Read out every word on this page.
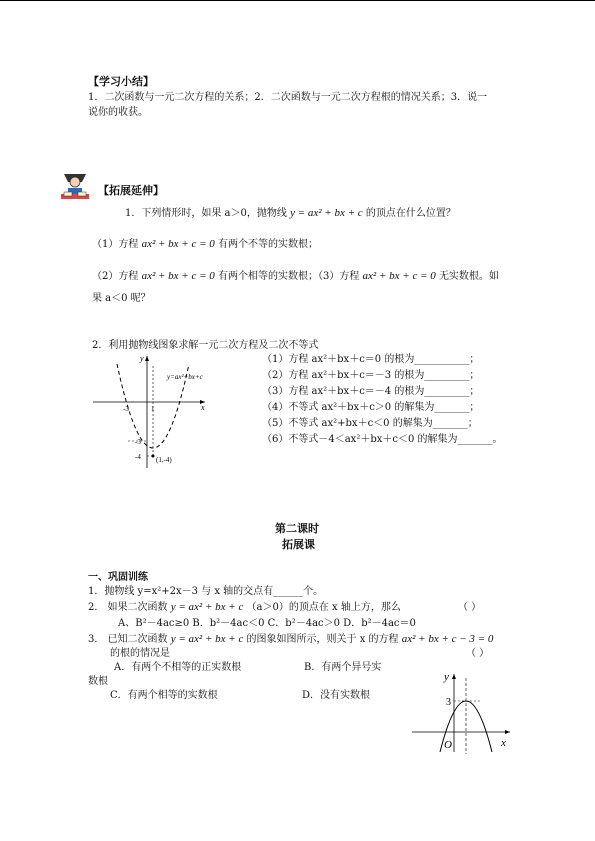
【学习小结】
1．二次函数与一元二次方程的关系；2．二次函数与一元二次方程根的情况关系；3．说一
说你的收获。
【拓展延伸】
1．下列情形时，如果 a＞0，抛物线 y = ax² + bx + c 的顶点在什么位置？
（1）方程 ax² + bx + c = 0 有两个不等的实数根；
（2）方程 ax² + bx + c = 0 有两个相等的实数根；（3）方程 ax² + bx + c = 0 无实数根。如
果 a＜0 呢？
2．利用抛物线图象求解一元二次方程及二次不等式
y
x
y=ax²+bx+c
-3	1
-3
-4 (1,-4)
（1）方程 ax²＋bx＋c＝0 的根为___________；
（2）方程 ax²＋bx＋c＝－3 的根为_________；
（3）方程 ax²＋bx＋c＝－4 的根为_________；
（4）不等式 ax²＋bx＋c＞0 的解集为_______；
（5）不等式 ax²+bx＋c＜0 的解集为_______；
（6）不等式－4＜ax²＋bx＋c＜0 的解集为_______。
第二课时
拓展课
一、巩固训练
1．抛物线 y=x²+2x－3 与 x 轴的交点有______个。
2． 如果二次函数 y = ax² + bx + c （a＞0）的顶点在 x 轴上方，那么	（ ）
A、B²－4ac≥0 B．b²－4ac＜0 C．b²－4ac＞0 D．b²－4ac＝0
3． 已知二次函数 y = ax² + bx + c 的图象如图所示，则关于 x 的方程 ax² + bx + c − 3 = 0
的根的情况是	（ ）
A．有两个不相等的正实数根	B．有两个异号实
数根
C．有两个相等的实数根	D．没有实数根
y
x
O
3
